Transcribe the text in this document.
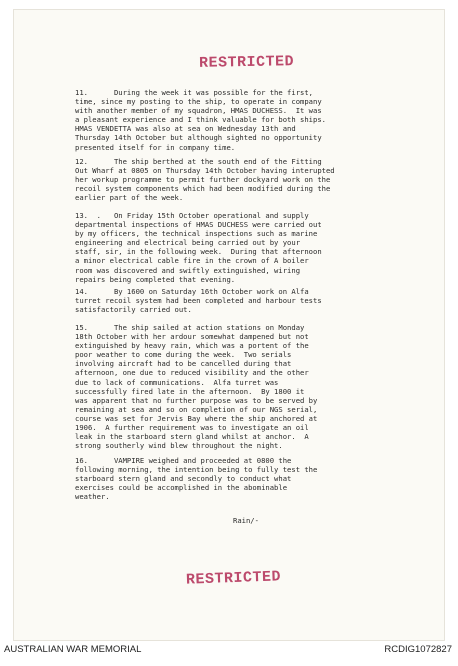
RESTRICTED

11.      During the week it was possible for the first,
time, since my posting to the ship, to operate in company
with another member of my squadron, HMAS DUCHESS.  It was
a pleasant experience and I think valuable for both ships.
HMAS VENDETTA was also at sea on Wednesday 13th and
Thursday 14th October but although sighted no opportunity
presented itself for in company time.

12.      The ship berthed at the south end of the Fitting
Out Wharf at 0805 on Thursday 14th October having interupted
her workup programme to permit further dockyard work on the
recoil system components which had been modified during the
earlier part of the week.

13.  .   On Friday 15th October operational and supply
departmental inspections of HMAS DUCHESS were carried out
by my officers, the technical inspections such as marine
engineering and electrical being carried out by your
staff, sir, in the following week.  During that afternoon
a minor electrical cable fire in the crown of A boiler
room was discovered and swiftly extinguished, wiring
repairs being completed that evening.

14.      By 1600 on Saturday 16th October work on Alfa
turret recoil system had been completed and harbour tests
satisfactorily carried out.

15.      The ship sailed at action stations on Monday
18th October with her ardour somewhat dampened but not
extinguished by heavy rain, which was a portent of the
poor weather to come during the week.  Two serials
involving aircraft had to be cancelled during that
afternoon, one due to reduced visibility and the other
due to lack of communications.  Alfa turret was
successfully fired late in the afternoon.  By 1800 it
was apparent that no further purpose was to be served by
remaining at sea and so on completion of our NGS serial,
course was set for Jervis Bay where the ship anchored at
1906.  A further requirement was to investigate an oil
leak in the starboard stern gland whilst at anchor.  A
strong southerly wind blew throughout the night.

16.      VAMPIRE weighed and proceeded at 0800 the
following morning, the intention being to fully test the
starboard stern gland and secondly to conduct what
exercises could be accomplished in the abominable
weather.

Rain/-

RESTRICTED
AUSTRALIAN WAR MEMORIAL	RCDIG1072827
